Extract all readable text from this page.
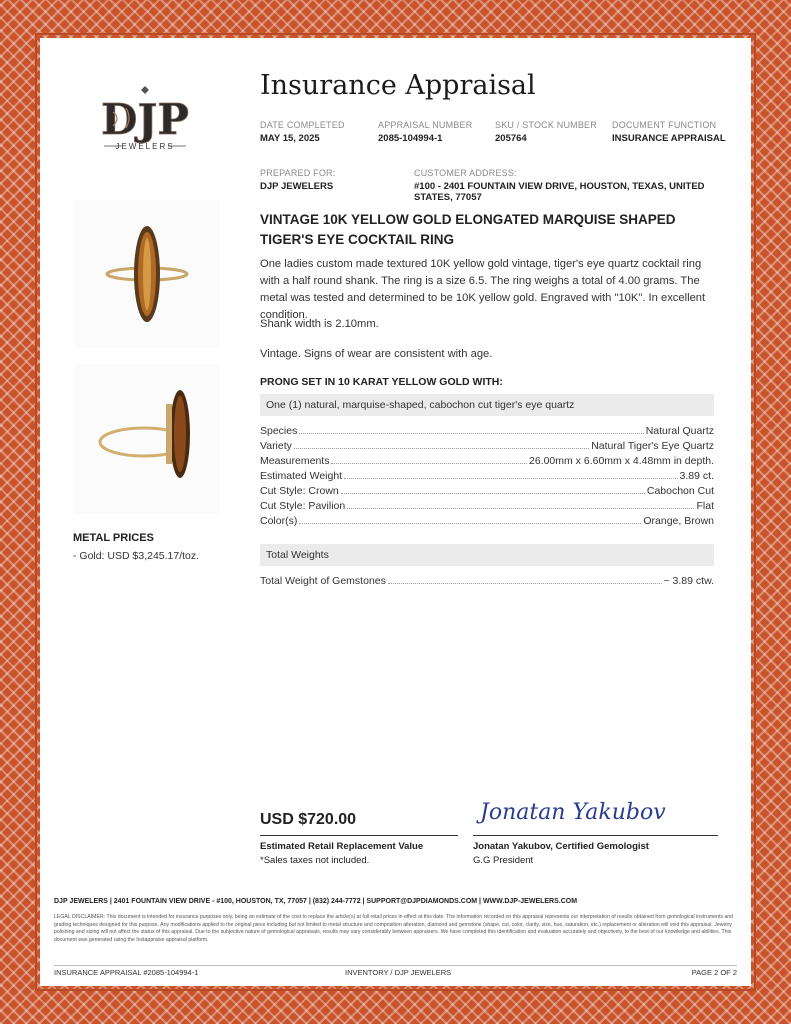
DJP
JEWELERS
Insurance Appraisal
DATE COMPLETED
MAY 15, 2025
APPRAISAL NUMBER
2085-104994-1
SKU / STOCK NUMBER
205764
DOCUMENT FUNCTION
INSURANCE APPRAISAL
PREPARED FOR:
DJP JEWELERS
CUSTOMER ADDRESS:
#100 - 2401 FOUNTAIN VIEW DRIVE, HOUSTON, TEXAS, UNITED STATES, 77057
VINTAGE 10K YELLOW GOLD ELONGATED MARQUISE SHAPED TIGER'S EYE COCKTAIL RING
One ladies custom made textured 10K yellow gold vintage, tiger's eye quartz cocktail ring with a half round shank. The ring is a size 6.5. The ring weighs a total of 4.00 grams. The metal was tested and determined to be 10K yellow gold. Engraved with "10K". In excellent condition.
Shank width is 2.10mm.
Vintage. Signs of wear are consistent with age.
PRONG SET IN 10 KARAT YELLOW GOLD WITH:
One (1) natural, marquise-shaped, cabochon cut tiger's eye quartz
Species	Natural Quartz
Variety	Natural Tiger's Eye Quartz
Measurements	26.00mm x 6.60mm x 4.48mm in depth.
Estimated Weight	3.89 ct.
Cut Style: Crown	Cabochon Cut
Cut Style: Pavilion	Flat
Color(s)	Orange, Brown
Total Weights
Total Weight of Gemstones	~ 3.89 ctw.
METAL PRICES
- Gold: USD $3,245.17/toz.
USD $720.00
Estimated Retail Replacement Value
*Sales taxes not included.
Jonatan Yakubov
Jonatan Yakubov, Certified Gemologist
G.G President
DJP JEWELERS | 2401 FOUNTAIN VIEW DRIVE - #100, HOUSTON, TX, 77057 | (832) 244-7772 | SUPPORT@DJPDIAMONDS.COM | WWW.DJP-JEWELERS.COM
LEGAL DISCLAIMER: This document is intended for insurance purposes only, being an estimate of the cost to replace the article(s) at full retail prices in effect at this date. The information recorded on this appraisal represents our interpretation of results obtained from gemological instruments and grading techniques designed for this purpose. Any modifications applied to the original piece including but not limited to metal structure and composition alteration, diamond and gemstone (shape, cut, color, clarity, size, hue, saturation, etc.) replacement or alteration will void this appraisal. Jewelry polishing and sizing will not affect the status of this appraisal. Due to the subjective nature of gemological appraisals, results may vary considerably between appraisers. We have completed this identification and evaluation accurately and objectively, to the best of our knowledge and abilities. This document was generated using the Instappraise appraisal platform.
INSURANCE APPRAISAL #2085-104994-1	INVENTORY / DJP JEWELERS	PAGE 2 OF 2
